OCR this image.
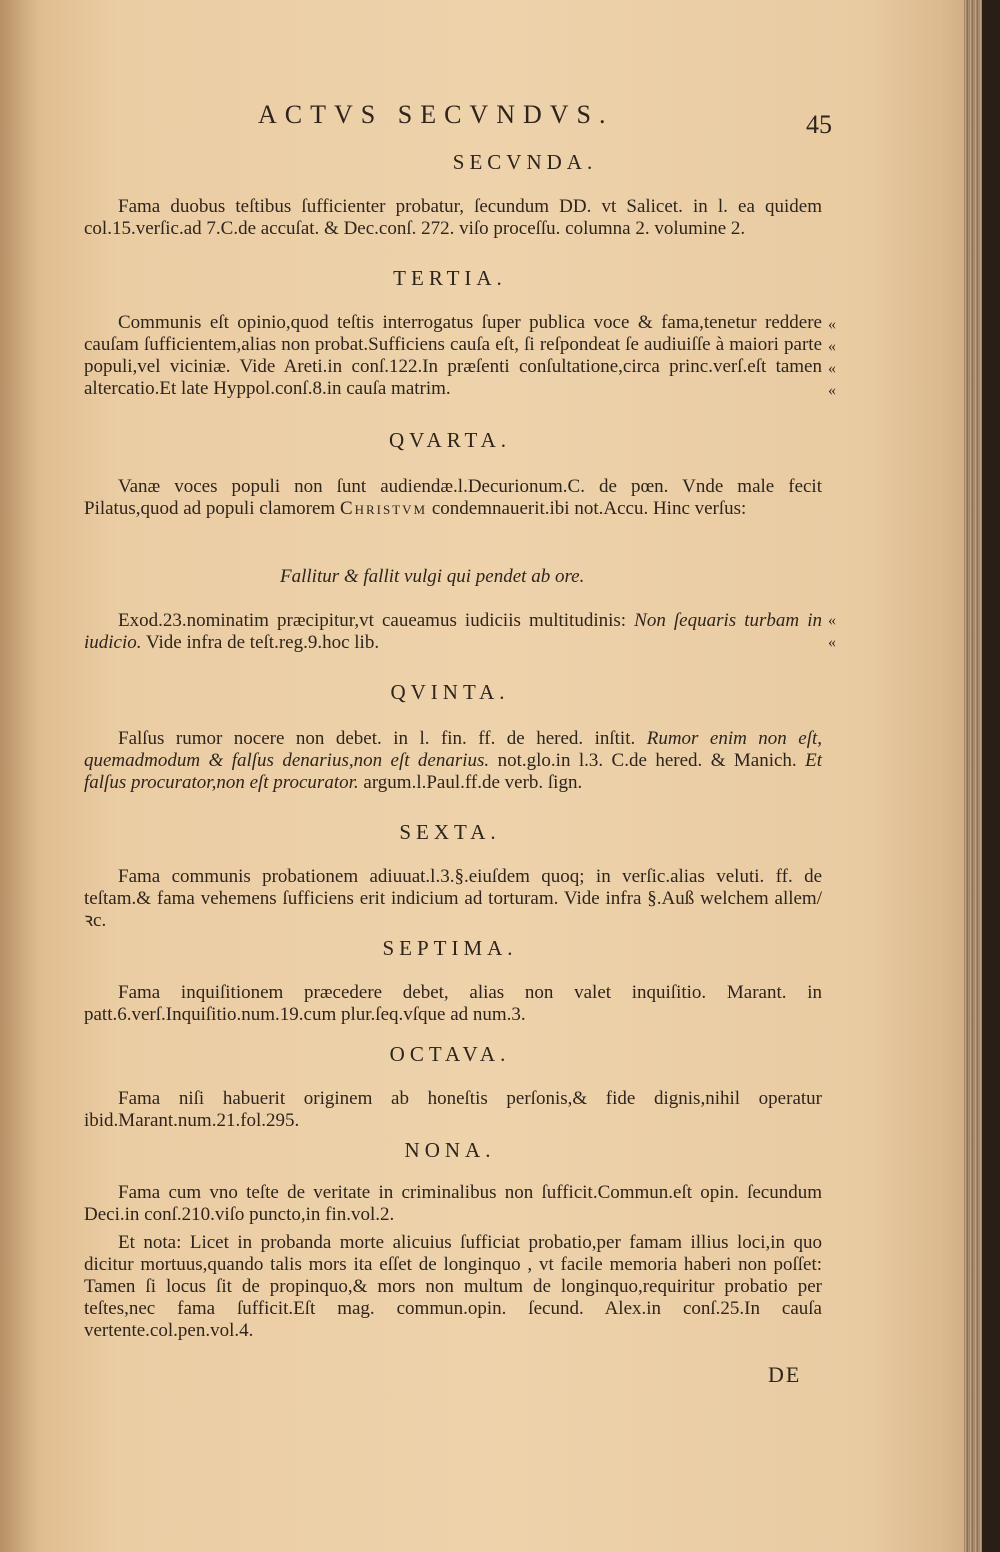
ACTVS SECVNDVS.	45
SECVNDA.

Fama duobus teſtibus ſufficienter probatur, ſecundum DD. vt Salicet. in l. ea quidem col.15.verſic.ad 7.C.de accuſat. & Dec.conſ. 272. viſo proceſſu. columna 2. volumine 2.

TERTIA.

Communis eſt opinio,quod teſtis interrogatus ſuper publica voce & fama,tenetur reddere cauſam ſufficientem,alias non probat.Sufficiens cauſa eſt, ſi reſpondeat ſe audiuiſſe à maiori parte populi,vel viciniæ. Vide Areti.in conſ.122.In præſenti conſultatione,circa princ.verſ.eſt tamen altercatio.Et late Hyppol.conſ.8.in cauſa matrim.

«
«
«
«
QVARTA.

Vanæ voces populi non ſunt audiendæ.l.Decurionum.C. de pœn. Vnde male fecit Pilatus,quod ad populi clamorem Christvm condemnauerit.ibi not.Accu. Hinc verſus:

Fallitur & fallit vulgi qui pendet ab ore.

Exod.23.nominatim præcipitur,vt caueamus iudiciis multitudinis: Non ſequaris turbam in iudicio. Vide infra de teſt.reg.9.hoc lib.

«
«
QVINTA.

Falſus rumor nocere non debet. in l. fin. ff. de hered. inſtit. Rumor enim non eſt, quemadmodum & falſus denarius,non eſt denarius. not.glo.in l.3. C.de hered. & Manich. Et falſus procurator,non eſt procurator. argum.l.Paul.ff.de verb. ſign.

SEXTA.

Fama communis probationem adiuuat.l.3.§.eiuſdem quoq; in verſic.alias veluti. ff. de teſtam.& fama vehemens ſufficiens erit indicium ad torturam. Vide infra §.Auß welchem allem/ꝛc.

SEPTIMA.

Fama inquiſitionem præcedere debet, alias non valet inquiſitio. Marant. in patt.6.verſ.Inquiſitio.num.19.cum plur.ſeq.vſque ad num.3.

OCTAVA.

Fama niſi habuerit originem ab honeſtis perſonis,& fide dignis,nihil operatur ibid.Marant.num.21.fol.295.

NONA.

Fama cum vno teſte de veritate in criminalibus non ſufficit.Commun.eſt opin. ſecundum Deci.in conſ.210.viſo puncto,in fin.vol.2.

Et nota: Licet in probanda morte alicuius ſufficiat probatio,per famam illius loci,in quo dicitur mortuus,quando talis mors ita eſſet de longinquo , vt facile memoria haberi non poſſet: Tamen ſi locus ſit de propinquo,& mors non multum de longinquo,requiritur probatio per teſtes,nec fama ſufficit.Eſt mag. commun.opin. ſecund. Alex.in conſ.25.In cauſa vertente.col.pen.vol.4.

DE
